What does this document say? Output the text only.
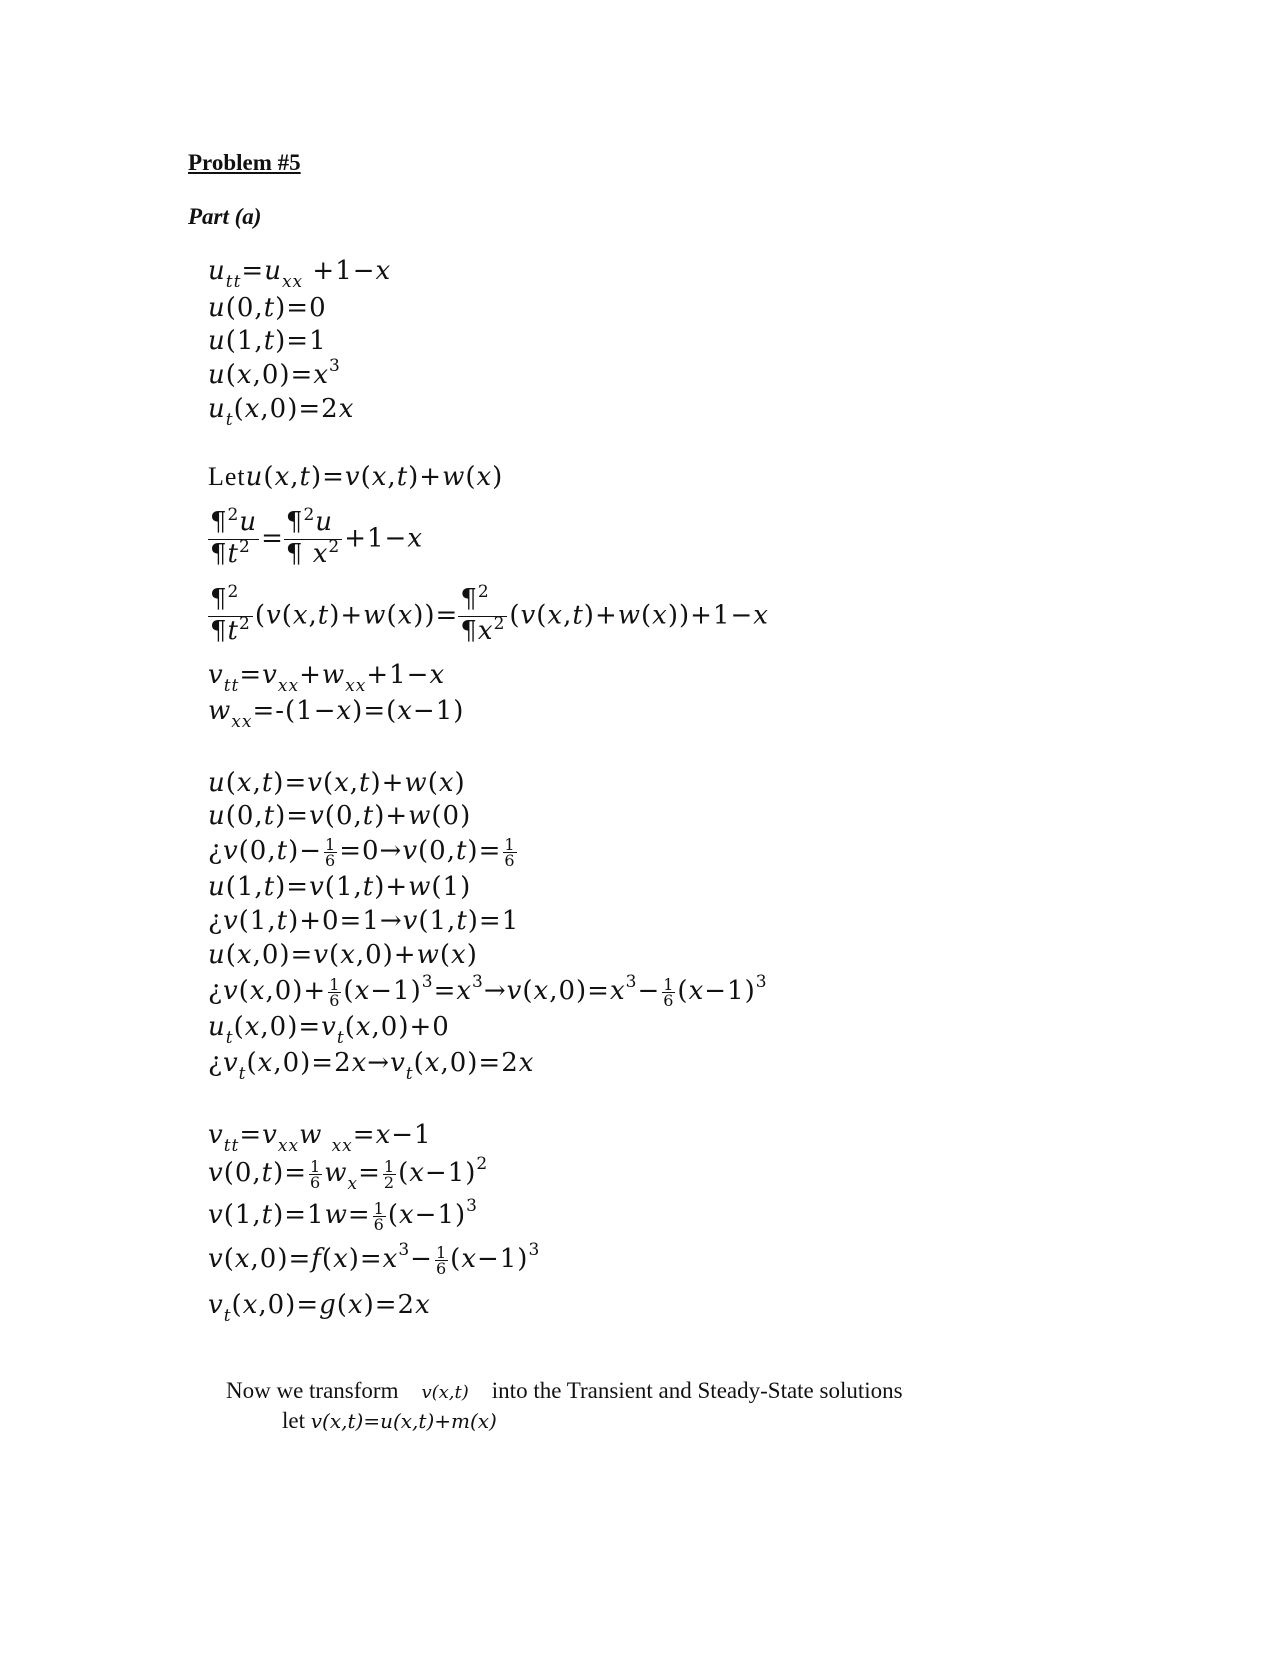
Problem #5
Part (a)
$u_{tt}=u_{xx} +1-x$
u(0,t)=0
u(1,t)=1
$u(x,0)=x^3$
$u_t(x,0)=2x$
Letu(x,t)=v(x,t)+w(x)
$\frac{\P^2u}{\P t^2} = \frac{\P^2u}{\P x^2} +1-x$
$\frac{\P^2}{\P t^2} (v(x,t)+w(x))= \frac{\P^2}{\P x^2} (v(x,t)+w(x))+1-x$
$v_{tt}=v_{xx}+w_{xx}+1-x$
$w_{xx}=-(1-x)=(x-1)$
u(x,t)=v(x,t)+w(x)
u(0,t)=v(0,t)+w(0)
¿$v(0,t)- \frac{1}{6} =0\to v(0,t)= \frac{1}{6}$
u(1,t)=v(1,t)+w(1)
¿v(1,t)+0=1→v(1,t)=1
u(x,0)=v(x,0)+w(x)
¿$v(x,0)+ \frac{1}{6} (x-1)^3=x^3\to v(x,0)=x^3- \frac{1}{6} (x-1)^3$
$u_t(x,0)=v_t(x,0)+0$
¿$v_t(x,0)=2x\to v_t(x,0)=2x$
$v_{tt}=v_{xx}w$ $_{xx}$=x−1
$v(0,t)= \frac{1}{6} w_x= \frac{1}{2} (x-1)^2$
$v(1,t)=1w= \frac{1}{6} (x-1)^3$
$v(x,0)=f(x)=x^3- \frac{1}{6} (x-1)^3$
$v_t(x,0)=g(x)=2x$
Now we transform v(x,t) into the Transient and Steady-State solutions
let v(x,t)=u(x,t)+m(x)
